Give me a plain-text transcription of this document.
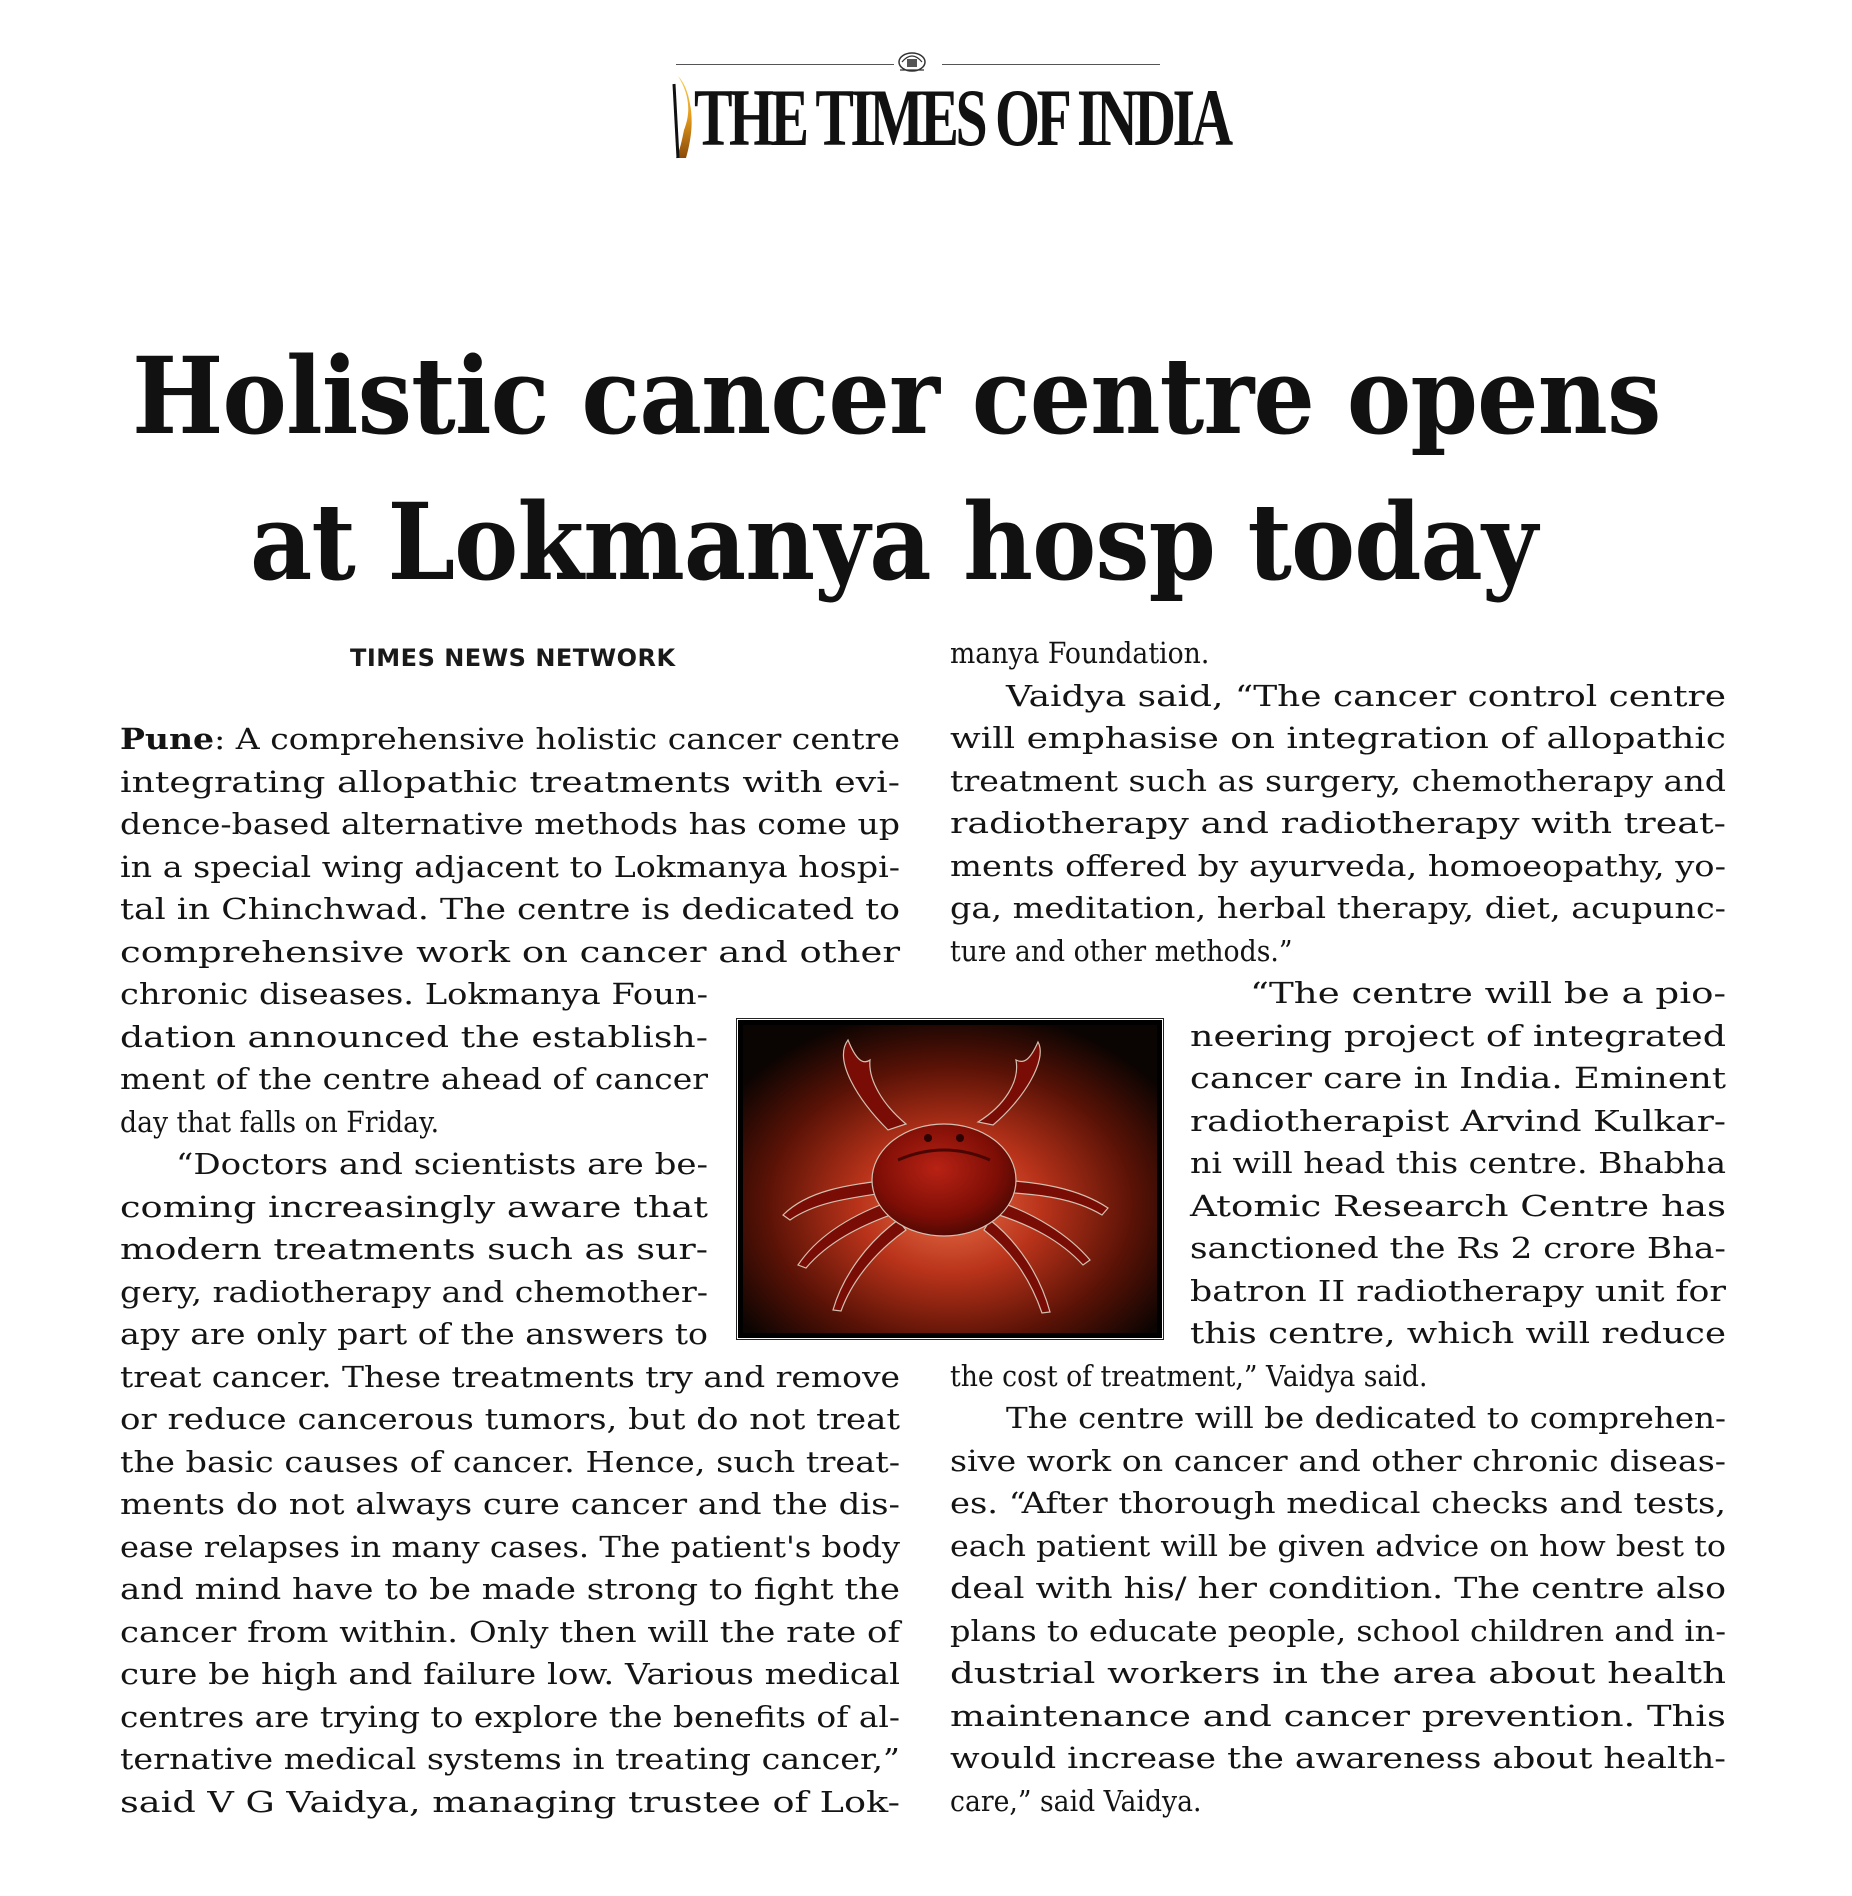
THE TIMES OF INDIA
Holistic cancer centre opens
at Lokmanya hosp today
TIMES NEWS NETWORK
Pune: A comprehensive holistic cancer centre
integrating allopathic treatments with evi-
dence-based alternative methods has come up
in a special wing adjacent to Lokmanya hospi-
tal in Chinchwad. The centre is dedicated to
comprehensive work on cancer and other
chronic diseases. Lokmanya Foun-
dation announced the establish-
ment of the centre ahead of cancer
day that falls on Friday.
“Doctors and scientists are be-
coming increasingly aware that
modern treatments such as sur-
gery, radiotherapy and chemother-
apy are only part of the answers to
treat cancer. These treatments try and remove
or reduce cancerous tumors, but do not treat
the basic causes of cancer. Hence, such treat-
ments do not always cure cancer and the dis-
ease relapses in many cases. The patient's body
and mind have to be made strong to fight the
cancer from within. Only then will the rate of
cure be high and failure low. Various medical
centres are trying to explore the benefits of al-
ternative medical systems in treating cancer,”
said V G Vaidya, managing trustee of Lok-
manya Foundation.
Vaidya said, “The cancer control centre
will emphasise on integration of allopathic
treatment such as surgery, chemotherapy and
radiotherapy and radiotherapy with treat-
ments offered by ayurveda, homoeopathy, yo-
ga, meditation, herbal therapy, diet, acupunc-
ture and other methods.”
“The centre will be a pio-
neering project of integrated
cancer care in India. Eminent
radiotherapist Arvind Kulkar-
ni will head this centre. Bhabha
Atomic Research Centre has
sanctioned the Rs 2 crore Bha-
batron II radiotherapy unit for
this centre, which will reduce
the cost of treatment,” Vaidya said.
The centre will be dedicated to comprehen-
sive work on cancer and other chronic diseas-
es. “After thorough medical checks and tests,
each patient will be given advice on how best to
deal with his/ her condition. The centre also
plans to educate people, school children and in-
dustrial workers in the area about health
maintenance and cancer prevention. This
would increase the awareness about health-
care,” said Vaidya.
